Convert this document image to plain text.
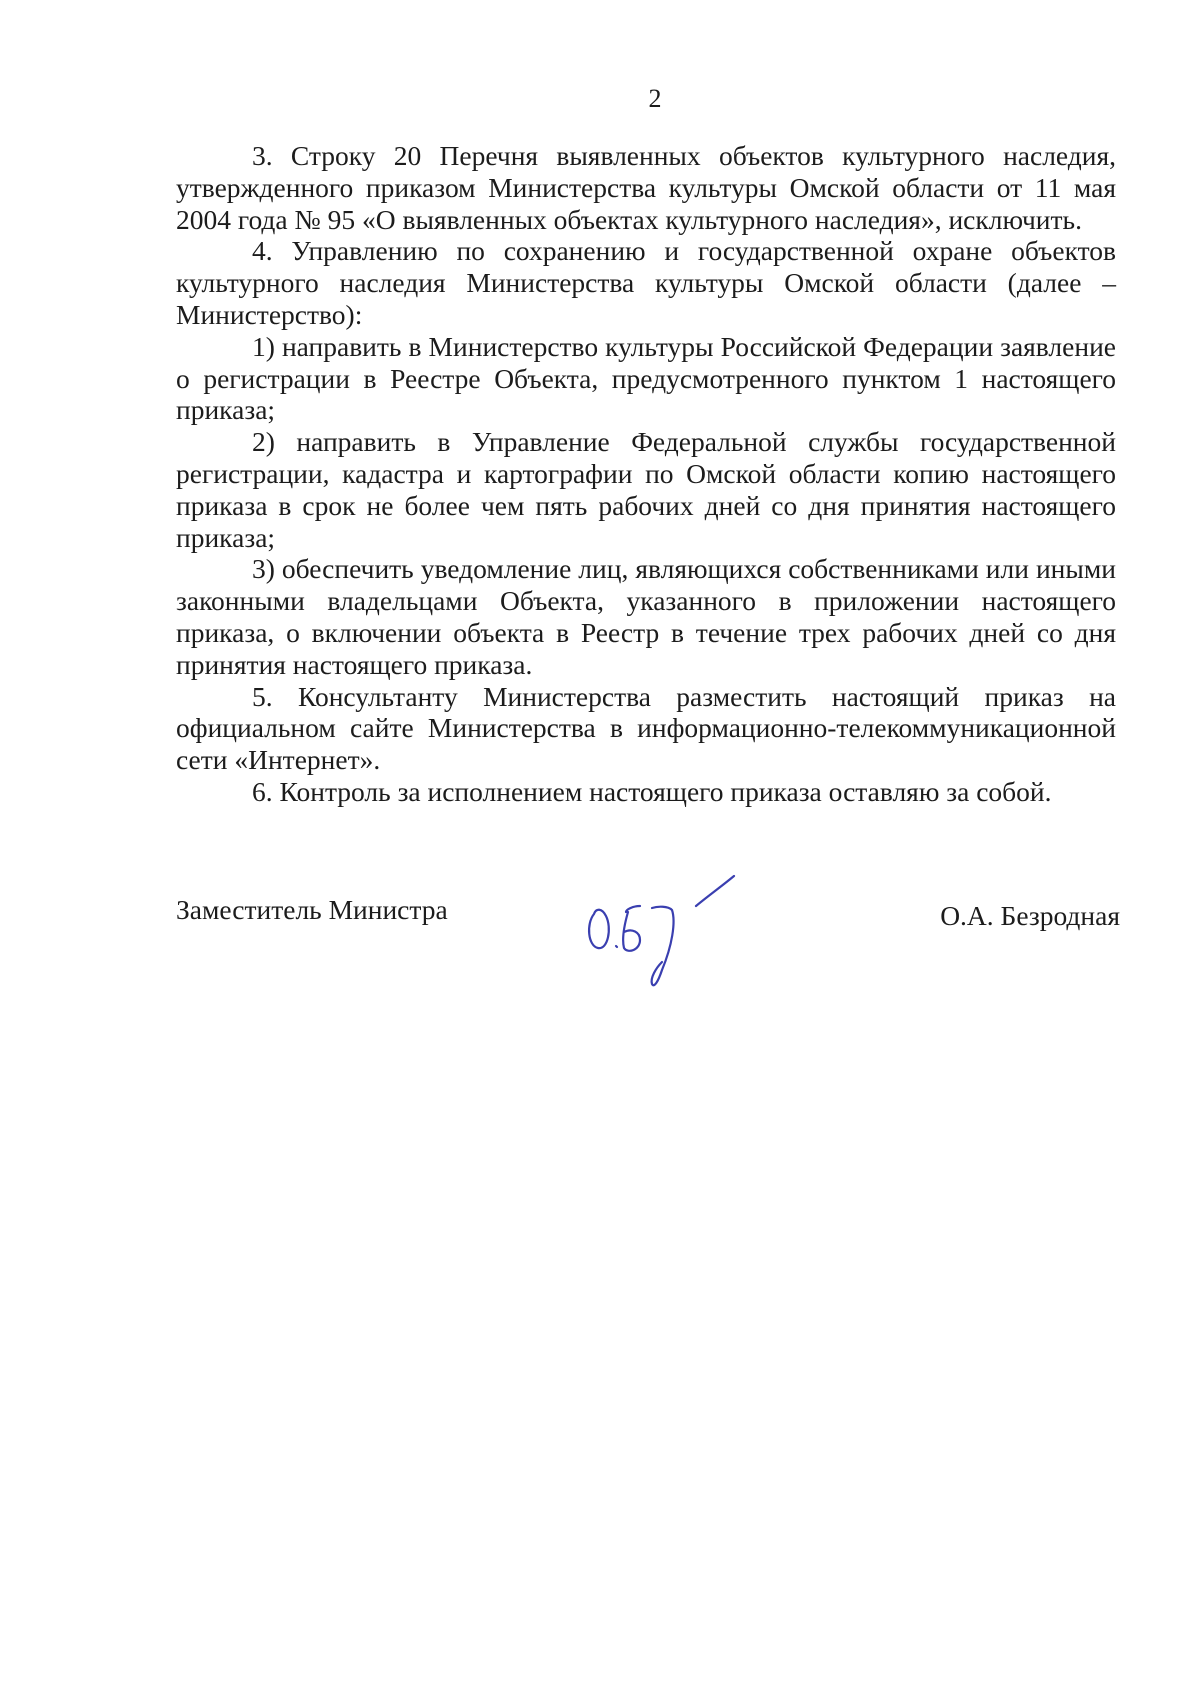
2

3. Строку 20 Перечня выявленных объектов культурного наследия, утвержденного приказом Министерства культуры Омской области от 11 мая 2004 года № 95 «О выявленных объектах культурного наследия», исключить.

4. Управлению по сохранению и государственной охране объектов культурного наследия Министерства культуры Омской области (далее – Министерство):

1) направить в Министерство культуры Российской Федерации заявление о регистрации в Реестре Объекта, предусмотренного пунктом 1 настоящего приказа;

2) направить в Управление Федеральной службы государственной регистрации, кадастра и картографии по Омской области копию настоящего приказа в срок не более чем пять рабочих дней со дня принятия настоящего приказа;

3) обеспечить уведомление лиц, являющихся собственниками или иными законными владельцами Объекта, указанного в приложении настоящего приказа, о включении объекта в Реестр в течение трех рабочих дней со дня принятия настоящего приказа.

5. Консультанту Министерства разместить настоящий приказ на официальном сайте Министерства в информационно-телекоммуникационной сети «Интернет».

6. Контроль за исполнением настоящего приказа оставляю за собой.

Заместитель Министра	О.А. Безродная
